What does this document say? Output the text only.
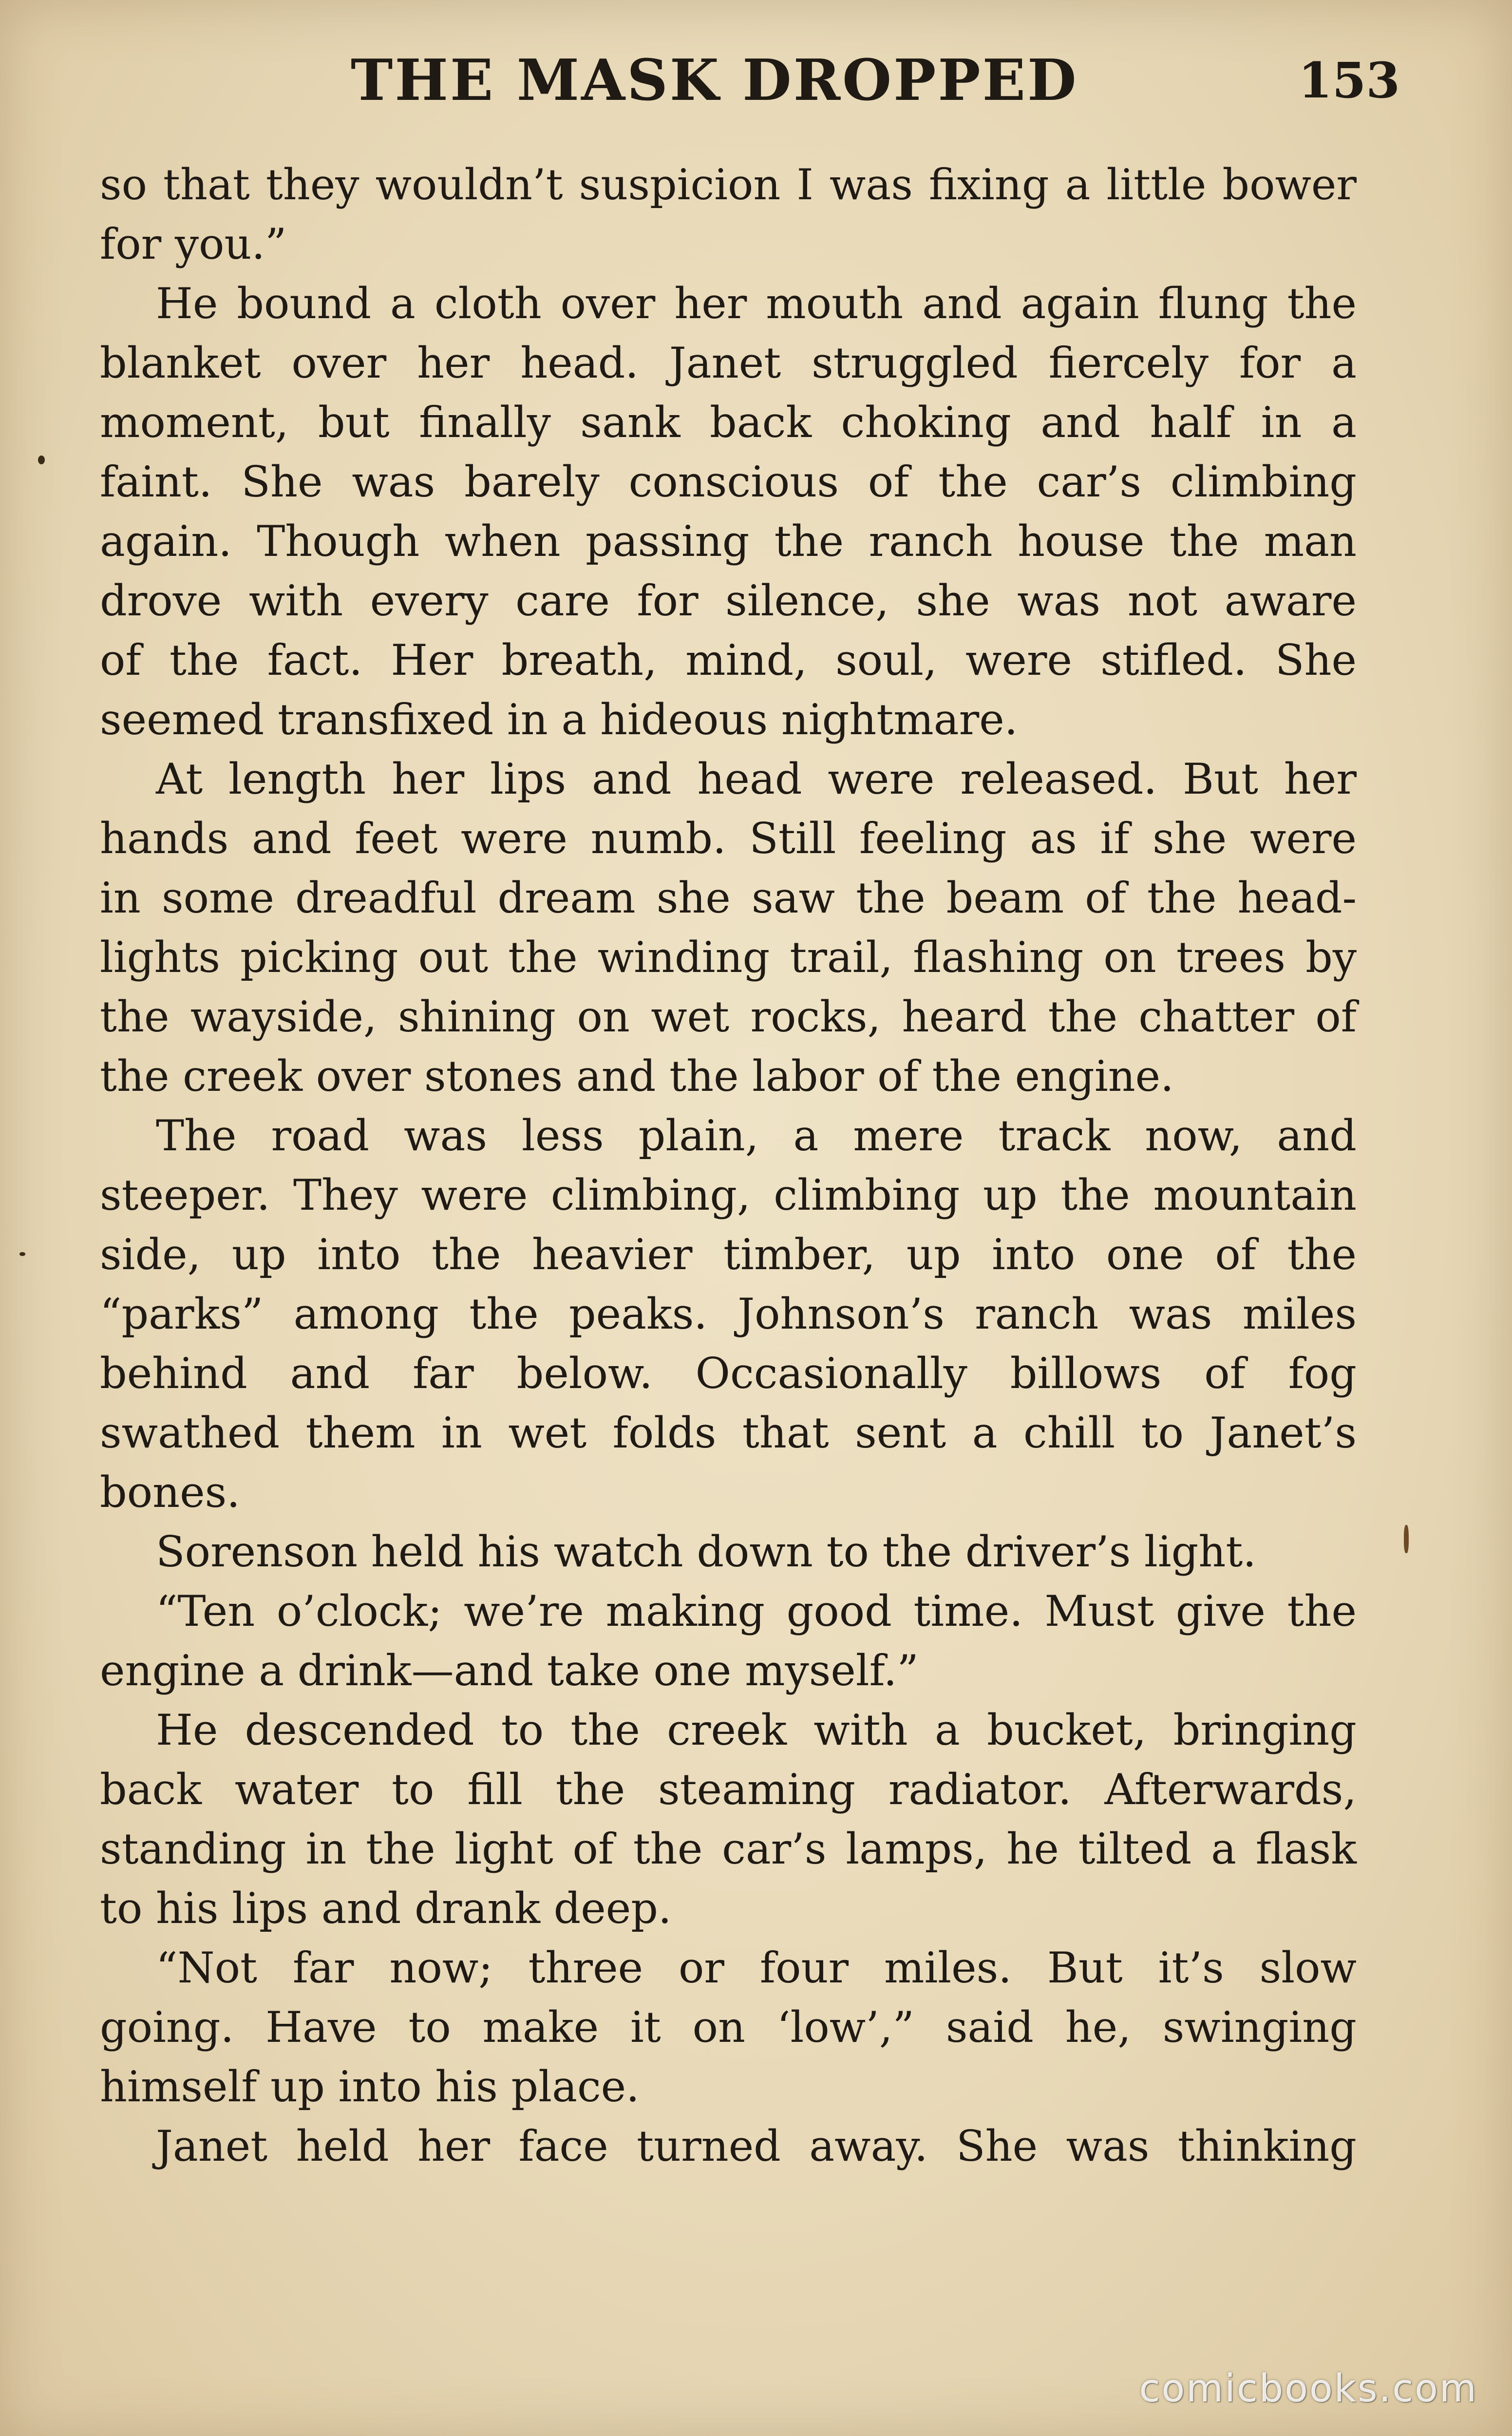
THE MASK DROPPED	153
so that they wouldn’t suspicion I was fixing a little bower
for you.”
He bound a cloth over her mouth and again flung the
blanket over her head. Janet struggled fiercely for a
moment, but finally sank back choking and half in a
faint. She was barely conscious of the car’s climbing
again. Though when passing the ranch house the man
drove with every care for silence, she was not aware
of the fact. Her breath, mind, soul, were stifled. She
seemed transfixed in a hideous nightmare.
At length her lips and head were released. But her
hands and feet were numb. Still feeling as if she were
in some dreadful dream she saw the beam of the head-
lights picking out the winding trail, flashing on trees by
the wayside, shining on wet rocks, heard the chatter of
the creek over stones and the labor of the engine.
The road was less plain, a mere track now, and
steeper. They were climbing, climbing up the mountain
side, up into the heavier timber, up into one of the
“parks” among the peaks. Johnson’s ranch was miles
behind and far below. Occasionally billows of fog
swathed them in wet folds that sent a chill to Janet’s
bones.
Sorenson held his watch down to the driver’s light.
“Ten o’clock; we’re making good time. Must give the
engine a drink—and take one myself.”
He descended to the creek with a bucket, bringing
back water to fill the steaming radiator. Afterwards,
standing in the light of the car’s lamps, he tilted a flask
to his lips and drank deep.
“Not far now; three or four miles. But it’s slow
going. Have to make it on ‘low’,” said he, swinging
himself up into his place.
Janet held her face turned away. She was thinking
comicbooks.com
